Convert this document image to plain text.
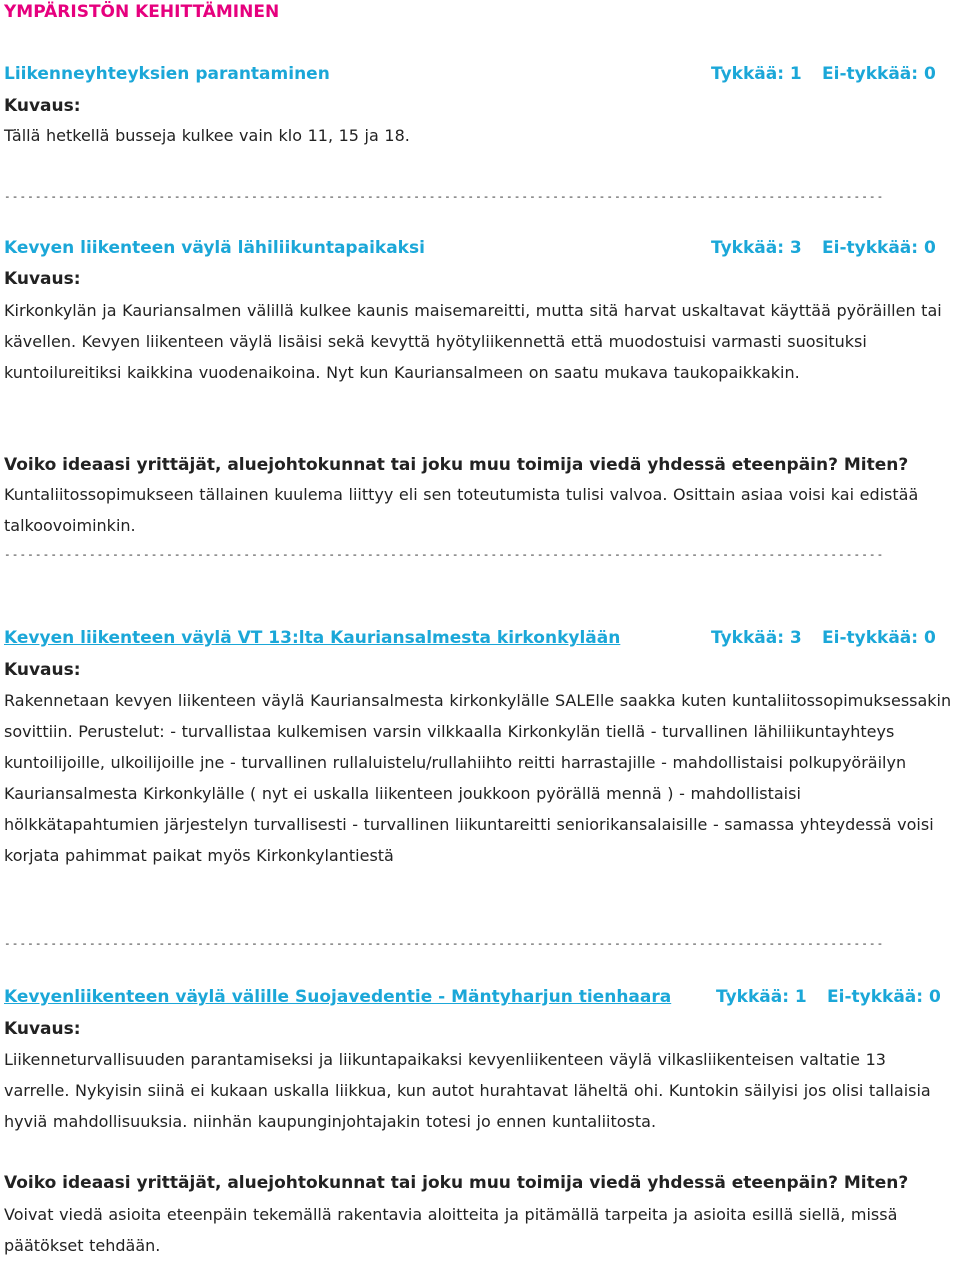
YMPÄRISTÖN KEHITTÄMINEN
Liikenneyhteyksien parantaminen	Tykkää: 1 Ei-tykkää: 0
Kuvaus:
Tällä hetkellä busseja kulkee vain klo 11, 15 ja 18.
------------------------------------------------------------------------------------------------------------------
Kevyen liikenteen väylä lähiliikuntapaikaksi	Tykkää: 3 Ei-tykkää: 0
Kuvaus:
Kirkonkylän ja Kauriansalmen välillä kulkee kaunis maisemareitti, mutta sitä harvat uskaltavat käyttää pyöräillen tai kävellen. Kevyen liikenteen väylä lisäisi sekä kevyttä hyötyliikennettä että muodostuisi varmasti suosituksi kuntoilureitiksi kaikkina vuodenaikoina. Nyt kun Kauriansalmeen on saatu mukava taukopaikkakin.
Voiko ideaasi yrittäjät, aluejohtokunnat tai joku muu toimija viedä yhdessä eteenpäin? Miten?
Kuntaliitossopimukseen tällainen kuulema liittyy eli sen toteutumista tulisi valvoa. Osittain asiaa voisi kai edistää talkoovoiminkin.
------------------------------------------------------------------------------------------------------------------
Kevyen liikenteen väylä VT 13:lta Kauriansalmesta kirkonkylään	Tykkää: 3 Ei-tykkää: 0
Kuvaus:
Rakennetaan kevyen liikenteen väylä Kauriansalmesta kirkonkylälle SALElle saakka kuten kuntaliitossopimuksessakin sovittiin. Perustelut: - turvallistaa kulkemisen varsin vilkkaalla Kirkonkylän tiellä - turvallinen lähiliikuntayhteys kuntoilijoille, ulkoilijoille jne - turvallinen rullaluistelu/rullahiihto reitti harrastajille - mahdollistaisi polkupyöräilyn Kauriansalmesta Kirkonkylälle ( nyt ei uskalla liikenteen joukkoon pyörällä mennä ) - mahdollistaisi hölkkätapahtumien järjestelyn turvallisesti - turvallinen liikuntareitti seniorikansalaisille - samassa yhteydessä voisi korjata pahimmat paikat myös Kirkonkylantiestä
------------------------------------------------------------------------------------------------------------------
Kevyenliikenteen väylä välille Suojavedentie - Mäntyharjun tienhaara	Tykkää: 1 Ei-tykkää: 0
Kuvaus:
Liikenneturvallisuuden parantamiseksi ja liikuntapaikaksi kevyenliikenteen väylä vilkasliikenteisen valtatie 13 varrelle. Nykyisin siinä ei kukaan uskalla liikkua, kun autot hurahtavat läheltä ohi. Kuntokin säilyisi jos olisi tallaisia hyviä mahdollisuuksia. niinhän kaupunginjohtajakin totesi jo ennen kuntaliitosta.
Voiko ideaasi yrittäjät, aluejohtokunnat tai joku muu toimija viedä yhdessä eteenpäin? Miten?
Voivat viedä asioita eteenpäin tekemällä rakentavia aloitteita ja pitämällä tarpeita ja asioita esillä siellä, missä päätökset tehdään.
